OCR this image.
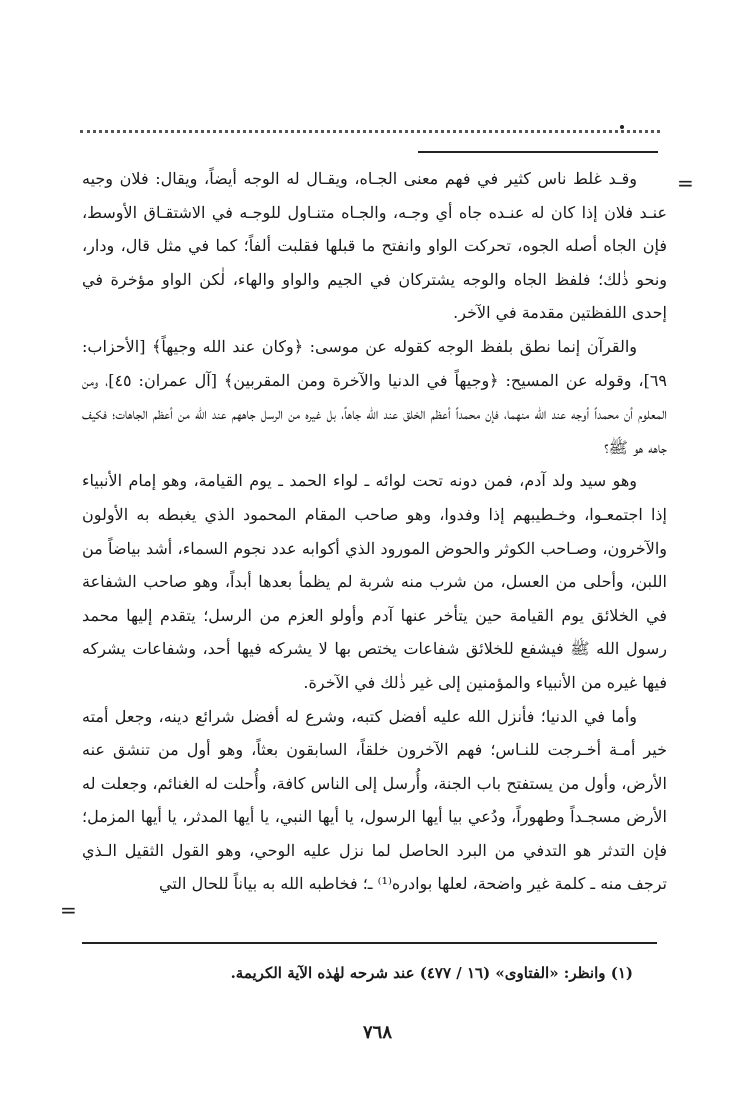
=

وقـد غلط ناس كثير في فهم معنى الجـاه، ويقـال له الوجه أيضاً، ويقال: فلان وجيه عنـد فلان إذا كان له عنـده جاه أي وجـه، والجـاه متنـاول للوجـه في الاشتقـاق الأوسط، فإن الجاه أصله الجوه، تحركت الواو وانفتح ما قبلها فقلبت ألفاً؛ كما في مثل قال، ودار، ونحو ذٰلك؛ فلفظ الجاه والوجه يشتركان في الجيم والواو والهاء، لٰكن الواو مؤخرة في إحدى اللفظتين مقدمة في الآخر.

والقرآن إنما نطق بلفظ الوجه كقوله عن موسى: ﴿وكان عند الله وجيهاً﴾ [الأحزاب: ٦٩]، وقوله عن المسيح: ﴿وجيهاً في الدنيا والآخرة ومن المقربين﴾ [آل عمران: ٤٥]، ومن المعلوم أن محمداً أوجه عند الله منهما، فإن محمداً أعظم الخلق عند الله جاهاً، بل غيره من الرسل جاههم عند الله من أعظم الجاهات؛ فكيف جاهه هو ﷺ؟

وهو سيد ولد آدم، فمن دونه تحت لوائه ـ لواء الحمد ـ يوم القيامة، وهو إمام الأنبياء إذا اجتمعـوا، وخـطيبهم إذا وفدوا، وهو صاحب المقام المحمود الذي يغبطه به الأولون والآخرون، وصـاحب الكوثر والحوض المورود الذي أكوابه عدد نجوم السماء، أشد بياضاً من اللبن، وأحلى من العسل، من شرب منه شربة لم يظمأ بعدها أبداً، وهو صاحب الشفاعة في الخلائق يوم القيامة حين يتأخر عنها آدم وأولو العزم من الرسل؛ يتقدم إليها محمد رسول الله ﷺ فيشفع للخلائق شفاعات يختص بها لا يشركه فيها أحد، وشفاعات يشركه فيها غيره من الأنبياء والمؤمنين إلى غير ذٰلك في الآخرة.

وأما في الدنيا؛ فأنزل الله عليه أفضل كتبه، وشرع له أفضل شرائع دينه، وجعل أمته خير أمـة أخـرجت للنـاس؛ فهم الآخرون خلقاً، السابقون بعثاً، وهو أول من تنشق عنه الأرض، وأول من يستفتح باب الجنة، وأُرسل إلى الناس كافة، وأُحلت له الغنائم، وجعلت له الأرض مسجـداً وطهوراً، ودُعي بيا أيها الرسول، يا أيها النبي، يا أيها المدثر، يا أيها المزمل؛ فإن التدثر هو التدفي من البرد الحاصل لما نزل عليه الوحي، وهو القول الثقيل الـذي ترجف منه ـ كلمة غير واضحة، لعلها بوادره⁽¹⁾ ـ؛ فخاطبه الله به بياناً للحال التي

=
(١) وانظر: «الفتاوى» (١٦ / ٤٧٧) عند شرحه لهٰذه الآية الكريمة.
٧٦٨
